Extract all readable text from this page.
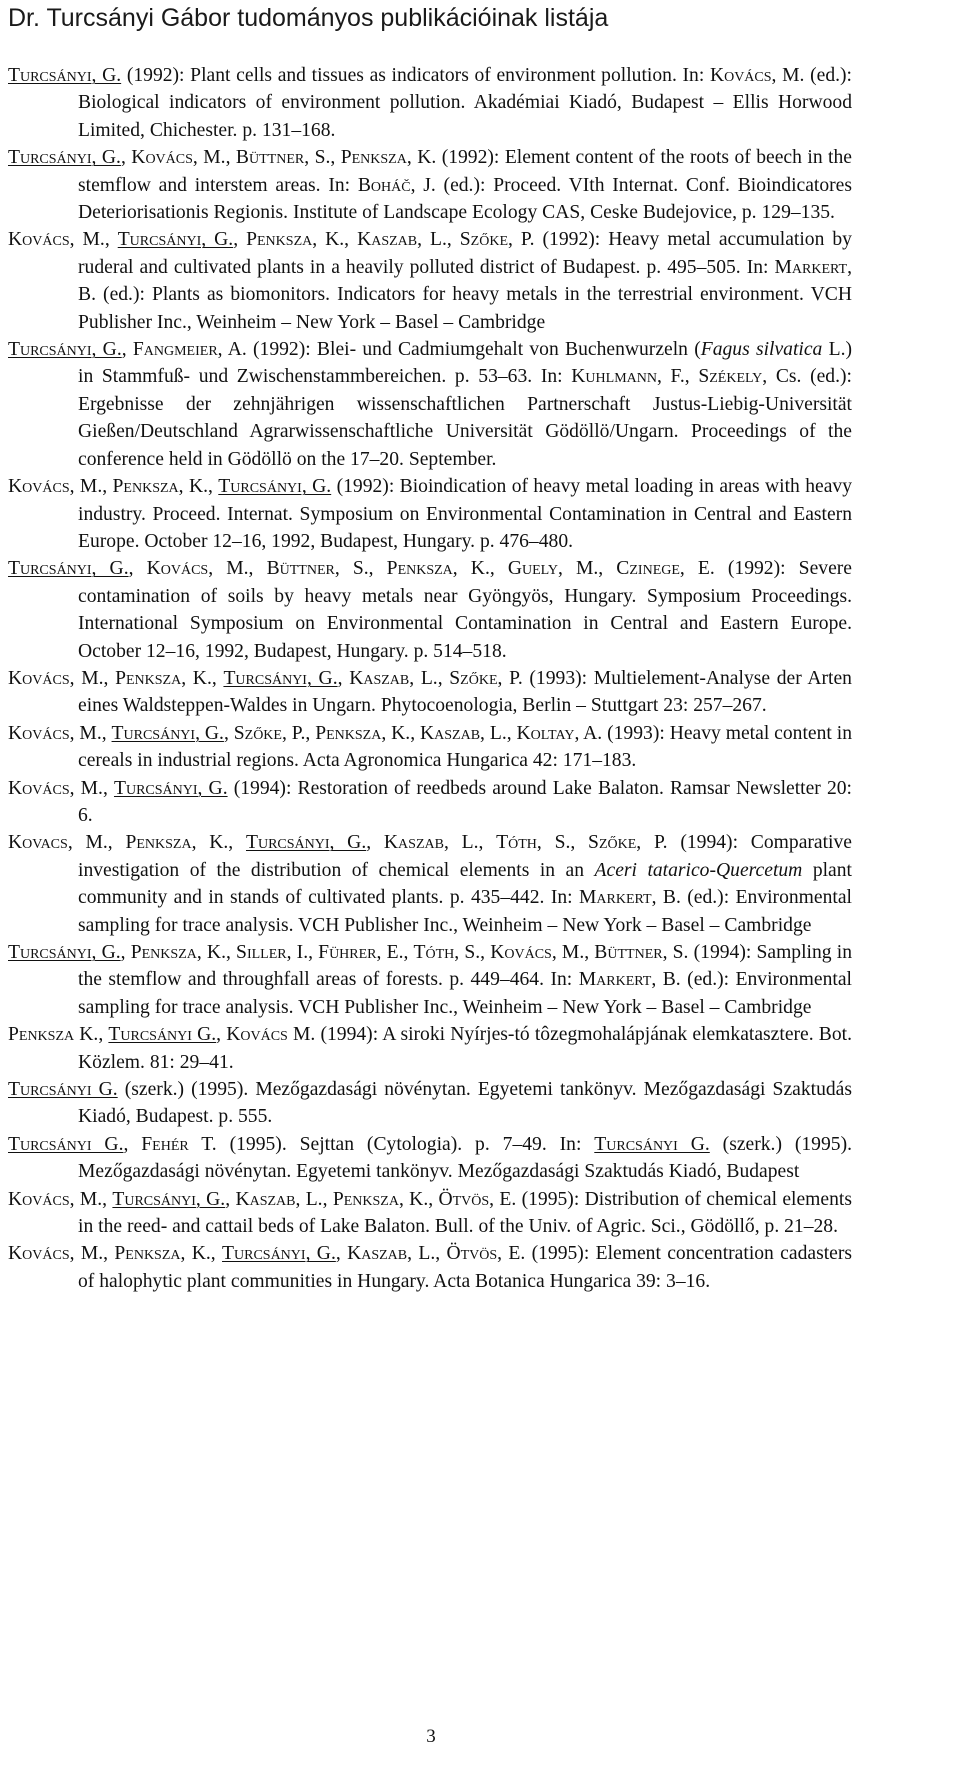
Dr. Turcsányi Gábor tudományos publikációinak listája
Turcsányi, G. (1992): Plant cells and tissues as indicators of environment pollution. In: Kovács, M. (ed.): Biological indicators of environment pollution. Akadémiai Kiadó, Budapest – Ellis Horwood Limited, Chichester. p. 131–168.
Turcsányi, G., Kovács, M., Büttner, S., Penksza, K. (1992): Element content of the roots of beech in the stemflow and interstem areas. In: Boháč, J. (ed.): Proceed. VIth Internat. Conf. Bioindicatores Deteriorisationis Regionis. Institute of Landscape Ecology CAS, Ceske Budejovice, p. 129–135.
Kovács, M., Turcsányi, G., Penksza, K., Kaszab, L., Szőke, P. (1992): Heavy metal accumulation by ruderal and cultivated plants in a heavily polluted district of Budapest. p. 495–505. In: Markert, B. (ed.): Plants as biomonitors. Indicators for heavy metals in the terrestrial environment. VCH Publisher Inc., Weinheim – New York – Basel – Cambridge
Turcsányi, G., Fangmeier, A. (1992): Blei- und Cadmiumgehalt von Buchenwurzeln (Fagus silvatica L.) in Stammfuß- und Zwischenstammbereichen. p. 53–63. In: Kuhlmann, F., Székely, Cs. (ed.): Ergebnisse der zehnjährigen wissenschaftlichen Partnerschaft Justus-Liebig-Universität Gießen/Deutschland Agrarwissenschaftliche Universität Gödöllö/Ungarn. Proceedings of the conference held in Gödöllö on the 17–20. September.
Kovács, M., Penksza, K., Turcsányi, G. (1992): Bioindication of heavy metal loading in areas with heavy industry. Proceed. Internat. Symposium on Environmental Contamination in Central and Eastern Europe. October 12–16, 1992, Budapest, Hungary. p. 476–480.
Turcsányi, G., Kovács, M., Büttner, S., Penksza, K., Guely, M., Czinege, E. (1992): Severe contamination of soils by heavy metals near Gyöngyös, Hungary. Symposium Proceedings. International Symposium on Environmental Contamination in Central and Eastern Europe. October 12–16, 1992, Budapest, Hungary. p. 514–518.
Kovács, M., Penksza, K., Turcsányi, G., Kaszab, L., Szőke, P. (1993): Multielement-Analyse der Arten eines Waldsteppen-Waldes in Ungarn. Phytocoenologia, Berlin – Stuttgart 23: 257–267.
Kovács, M., Turcsányi, G., Szőke, P., Penksza, K., Kaszab, L., Koltay, A. (1993): Heavy metal content in cereals in industrial regions. Acta Agronomica Hungarica 42: 171–183.
Kovács, M., Turcsányi, G. (1994): Restoration of reedbeds around Lake Balaton. Ramsar Newsletter 20: 6.
Kovacs, M., Penksza, K., Turcsányi, G., Kaszab, L., Tóth, S., Szőke, P. (1994): Comparative investigation of the distribution of chemical elements in an Aceri tatarico-Quercetum plant community and in stands of cultivated plants. p. 435–442. In: Markert, B. (ed.): Environmental sampling for trace analysis. VCH Publisher Inc., Weinheim – New York – Basel – Cambridge
Turcsányi, G., Penksza, K., Siller, I., Führer, E., Tóth, S., Kovács, M., Büttner, S. (1994): Sampling in the stemflow and throughfall areas of forests. p. 449–464. In: Markert, B. (ed.): Environmental sampling for trace analysis. VCH Publisher Inc., Weinheim – New York – Basel – Cambridge
Penksza K., Turcsányi G., Kovács M. (1994): A siroki Nyírjes-tó tôzegmohalápjának elemkatasztere. Bot. Közlem. 81: 29–41.
Turcsányi G. (szerk.) (1995). Mezőgazdasági növénytan. Egyetemi tankönyv. Mezőgazdasági Szaktudás Kiadó, Budapest. p. 555.
Turcsányi G., Fehér T. (1995). Sejttan (Cytologia). p. 7–49. In: Turcsányi G. (szerk.) (1995). Mezőgazdasági növénytan. Egyetemi tankönyv. Mezőgazdasági Szaktudás Kiadó, Budapest
Kovács, M., Turcsányi, G., Kaszab, L., Penksza, K., Ötvös, E. (1995): Distribution of chemical elements in the reed- and cattail beds of Lake Balaton. Bull. of the Univ. of Agric. Sci., Gödöllő, p. 21–28.
Kovács, M., Penksza, K., Turcsányi, G., Kaszab, L., Ötvös, E. (1995): Element concentration cadasters of halophytic plant communities in Hungary. Acta Botanica Hungarica 39: 3–16.
3
